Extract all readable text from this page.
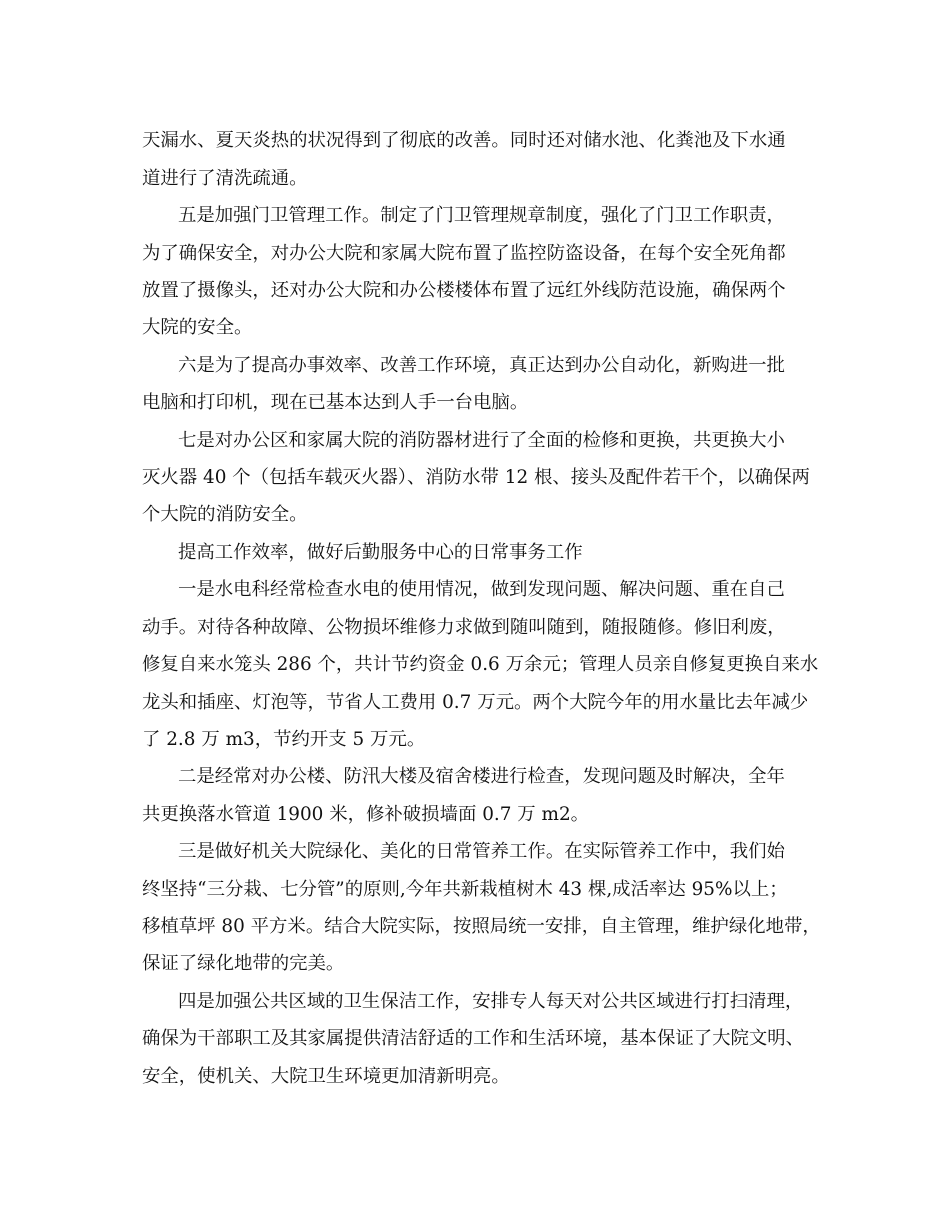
天漏水、夏天炎热的状况得到了彻底的改善。同时还对储水池、化粪池及下水通
道进行了清洗疏通。
五是加强门卫管理工作。制定了门卫管理规章制度，强化了门卫工作职责，
为了确保安全，对办公大院和家属大院布置了监控防盗设备，在每个安全死角都
放置了摄像头，还对办公大院和办公楼楼体布置了远红外线防范设施，确保两个
大院的安全。
六是为了提高办事效率、改善工作环境，真正达到办公自动化，新购进一批
电脑和打印机，现在已基本达到人手一台电脑。
七是对办公区和家属大院的消防器材进行了全面的检修和更换，共更换大小
灭火器 40 个（包括车载灭火器）、消防水带 12 根、接头及配件若干个，以确保两
个大院的消防安全。
提高工作效率，做好后勤服务中心的日常事务工作
一是水电科经常检查水电的使用情况，做到发现问题、解决问题、重在自己
动手。对待各种故障、公物损坏维修力求做到随叫随到，随报随修。修旧利废，
修复自来水笼头 286 个，共计节约资金 0.6 万余元；管理人员亲自修复更换自来水
龙头和插座、灯泡等，节省人工费用 0.7 万元。两个大院今年的用水量比去年减少
了 2.8 万 m3，节约开支 5 万元。
二是经常对办公楼、防汛大楼及宿舍楼进行检查，发现问题及时解决，全年
共更换落水管道 1900 米，修补破损墙面 0.7 万 m2。
三是做好机关大院绿化、美化的日常管养工作。在实际管养工作中，我们始
终坚持“三分栽、七分管”的原则,今年共新栽植树木 43 棵,成活率达 95%以上；
移植草坪 80 平方米。结合大院实际，按照局统一安排，自主管理，维护绿化地带，
保证了绿化地带的完美。
四是加强公共区域的卫生保洁工作，安排专人每天对公共区域进行打扫清理，
确保为干部职工及其家属提供清洁舒适的工作和生活环境，基本保证了大院文明、
安全，使机关、大院卫生环境更加清新明亮。
